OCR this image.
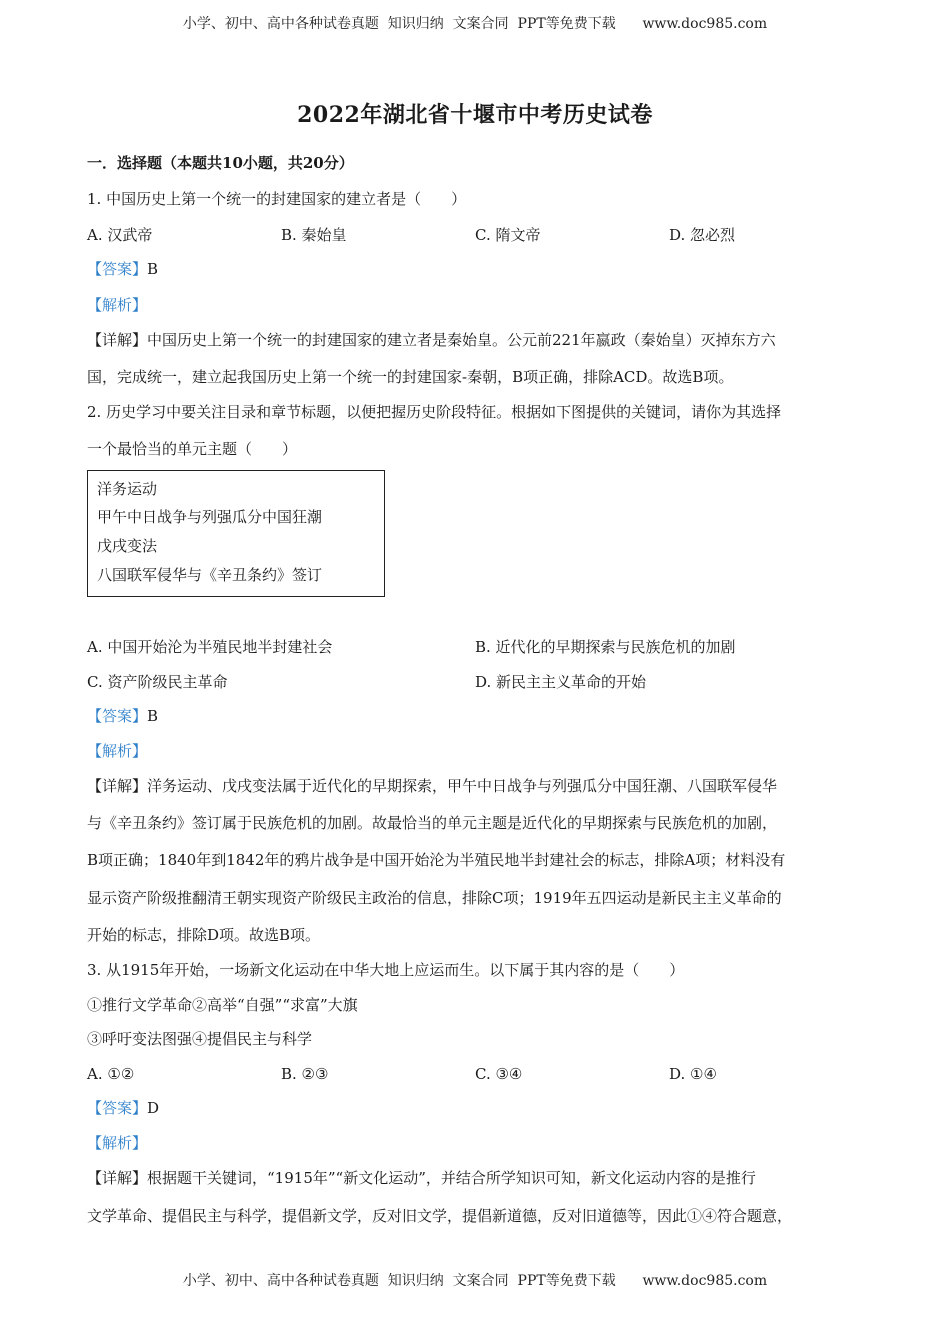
小学、初中、高中各种试卷真题  知识归纳  文案合同  PPT等免费下载      www.doc985.com
2022年湖北省十堰市中考历史试卷
一．选择题（本题共10小题，共20分）
1. 中国历史上第一个统一的封建国家的建立者是（　　）
A. 汉武帝	B. 秦始皇	C. 隋文帝	D. 忽必烈
【答案】B
【解析】
【详解】中国历史上第一个统一的封建国家的建立者是秦始皇。公元前221年嬴政（秦始皇）灭掉东方六
国，完成统一，建立起我国历史上第一个统一的封建国家-秦朝，B项正确，排除ACD。故选B项。
2. 历史学习中要关注目录和章节标题，以便把握历史阶段特征。根据如下图提供的关键词，请你为其选择
一个最恰当的单元主题（　　）
洋务运动
甲午中日战争与列强瓜分中国狂潮
戊戌变法
八国联军侵华与《辛丑条约》签订
A. 中国开始沦为半殖民地半封建社会	B. 近代化的早期探索与民族危机的加剧
C. 资产阶级民主革命	D. 新民主主义革命的开始
【答案】B
【解析】
【详解】洋务运动、戊戌变法属于近代化的早期探索，甲午中日战争与列强瓜分中国狂潮、八国联军侵华
与《辛丑条约》签订属于民族危机的加剧。故最恰当的单元主题是近代化的早期探索与民族危机的加剧，
B项正确；1840年到1842年的鸦片战争是中国开始沦为半殖民地半封建社会的标志，排除A项；材料没有
显示资产阶级推翻清王朝实现资产阶级民主政治的信息，排除C项；1919年五四运动是新民主主义革命的
开始的标志，排除D项。故选B项。
3. 从1915年开始，一场新文化运动在中华大地上应运而生。以下属于其内容的是（　　）
①推行文学革命②高举“自强”“求富”大旗
③呼吁变法图强④提倡民主与科学
A. ①②	B. ②③	C. ③④	D. ①④
【答案】D
【解析】
【详解】根据题干关键词，“1915年”“新文化运动”，并结合所学知识可知，新文化运动内容的是推行
文学革命、提倡民主与科学，提倡新文学，反对旧文学，提倡新道德，反对旧道德等，因此①④符合题意，
小学、初中、高中各种试卷真题  知识归纳  文案合同  PPT等免费下载      www.doc985.com
